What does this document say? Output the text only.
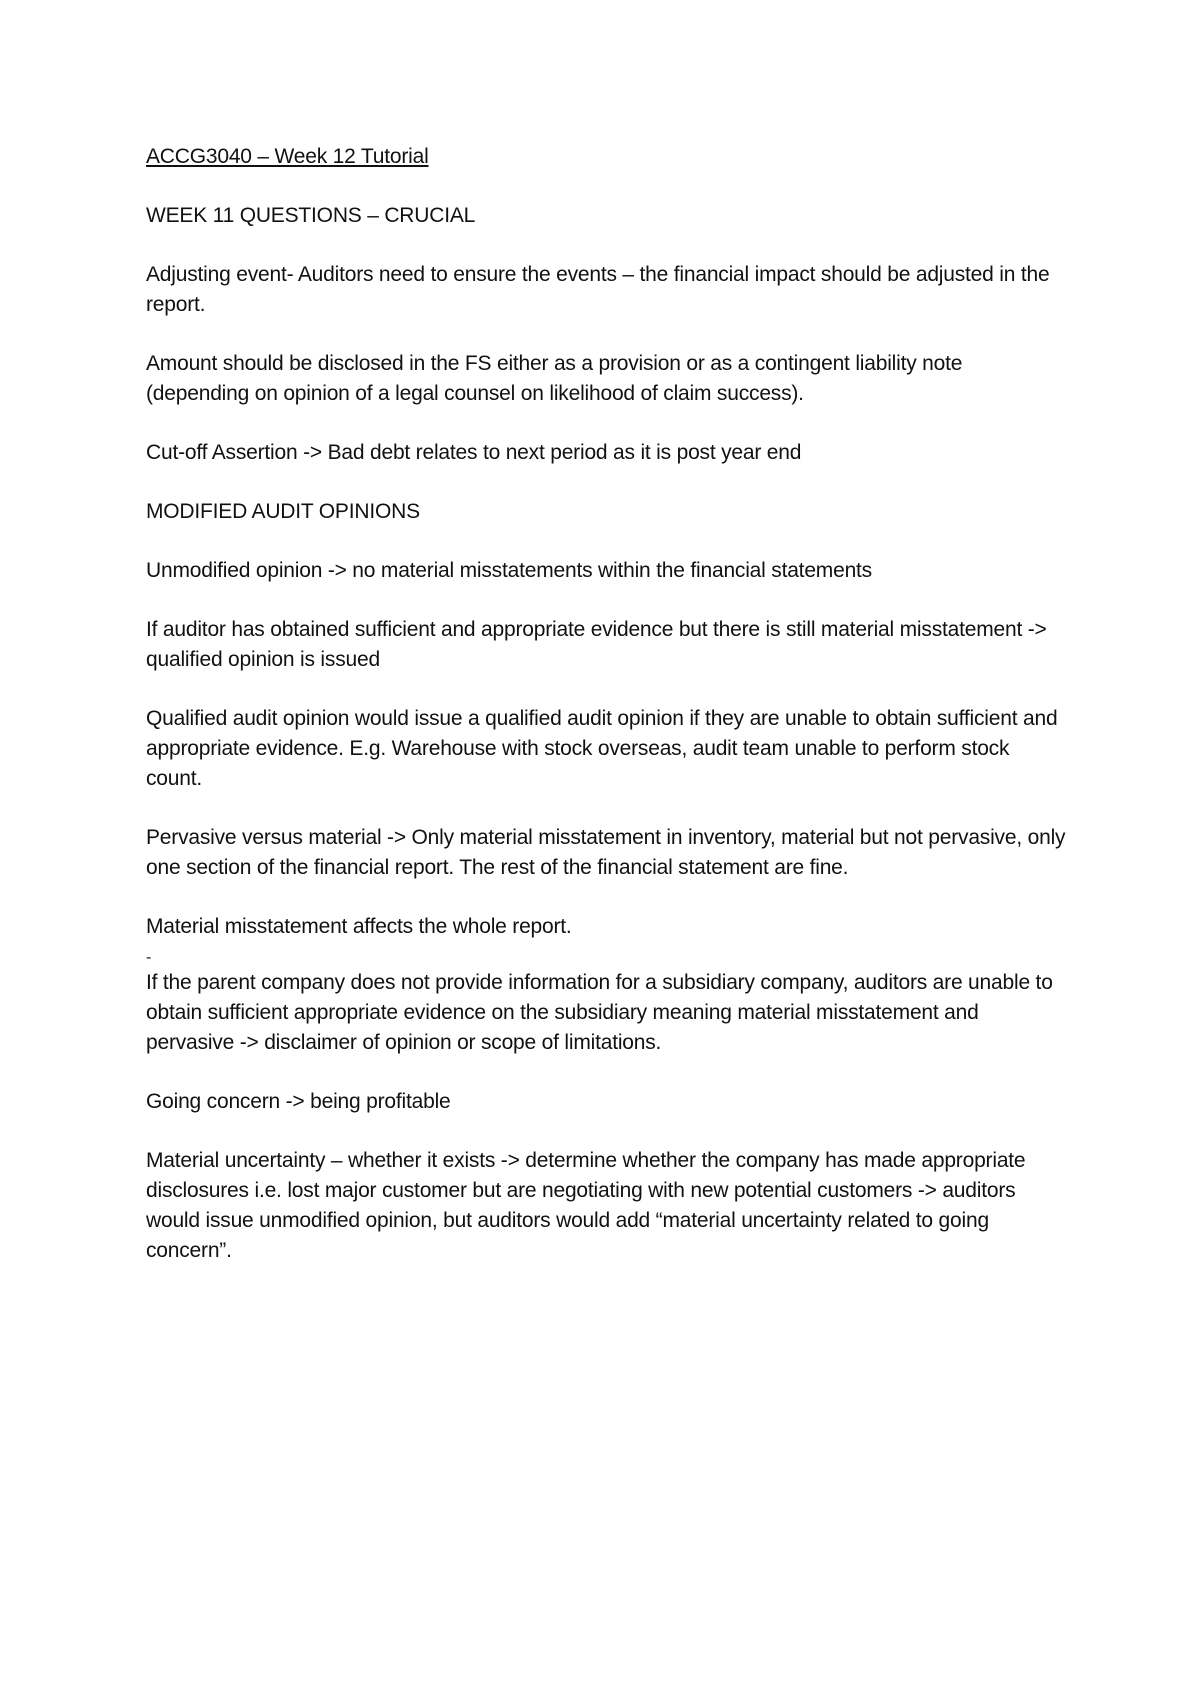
ACCG3040 – Week 12 Tutorial

WEEK 11 QUESTIONS – CRUCIAL

Adjusting event- Auditors need to ensure the events – the financial impact should be adjusted in the report.

Amount should be disclosed in the FS either as a provision or as a contingent liability note (depending on opinion of a legal counsel on likelihood of claim success).

Cut-off Assertion -> Bad debt relates to next period as it is post year end

MODIFIED AUDIT OPINIONS

Unmodified opinion -> no material misstatements within the financial statements

If auditor has obtained sufficient and appropriate evidence but there is still material misstatement -> qualified opinion is issued

Qualified audit opinion would issue a qualified audit opinion if they are unable to obtain sufficient and appropriate evidence. E.g. Warehouse with stock overseas, audit team unable to perform stock count.

Pervasive versus material -> Only material misstatement in inventory, material but not pervasive, only one section of the financial report. The rest of the financial statement are fine.

Material misstatement affects the whole report.

-

If the parent company does not provide information for a subsidiary company, auditors are unable to obtain sufficient appropriate evidence on the subsidiary meaning material misstatement and pervasive -> disclaimer of opinion or scope of limitations.

Going concern -> being profitable

Material uncertainty – whether it exists -> determine whether the company has made appropriate disclosures i.e. lost major customer but are negotiating with new potential customers -> auditors would issue unmodified opinion, but auditors would add “material uncertainty related to going concern”.
